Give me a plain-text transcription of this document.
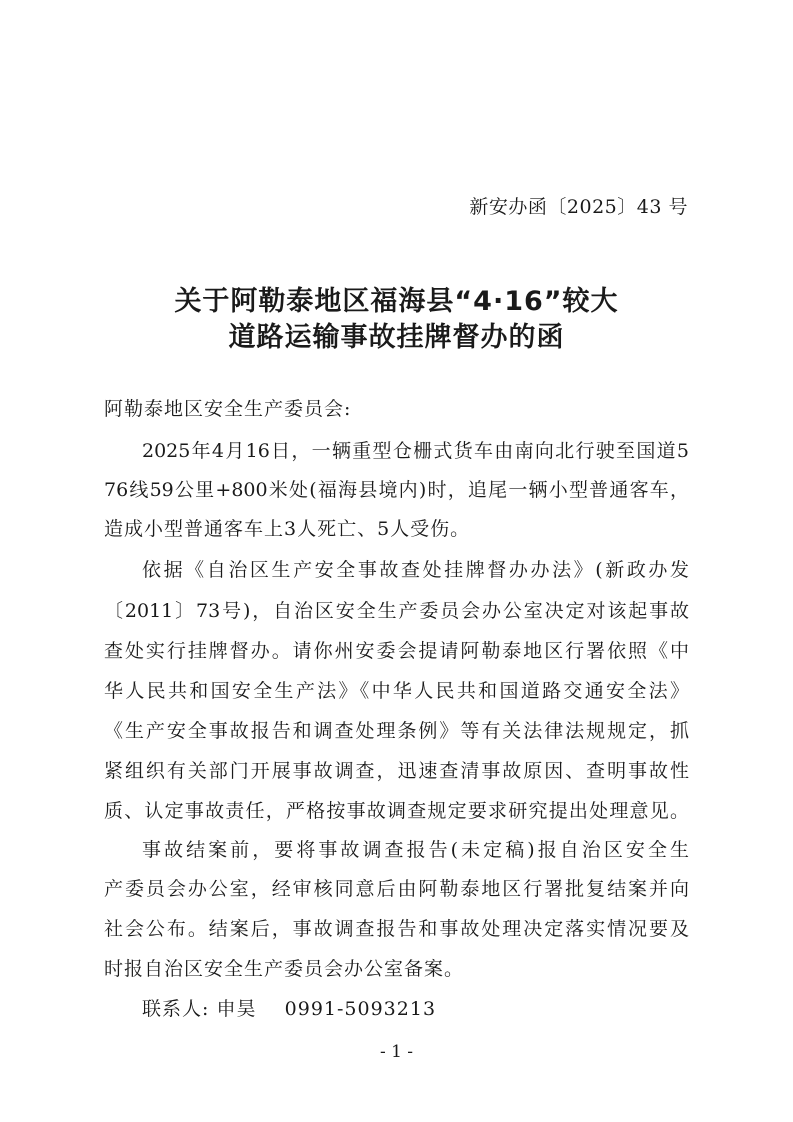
新安办函〔2025〕43 号
关于阿勒泰地区福海县“4·16”较大
道路运输事故挂牌督办的函
阿勒泰地区安全生产委员会:
2025年4月16日，一辆重型仓栅式货车由南向北行驶至国道5
76线59公里+800米处(福海县境内)时，追尾一辆小型普通客车，
造成小型普通客车上3人死亡、5人受伤。
依据《自治区生产安全事故查处挂牌督办办法》(新政办发
〔2011〕73号)，自治区安全生产委员会办公室决定对该起事故
查处实行挂牌督办。请你州安委会提请阿勒泰地区行署依照《中
华人民共和国安全生产法》《中华人民共和国道路交通安全法》
《生产安全事故报告和调查处理条例》等有关法律法规规定，抓
紧组织有关部门开展事故调查，迅速查清事故原因、查明事故性
质、认定事故责任，严格按事故调查规定要求研究提出处理意见。
事故结案前，要将事故调查报告(未定稿)报自治区安全生
产委员会办公室，经审核同意后由阿勒泰地区行署批复结案并向
社会公布。结案后，事故调查报告和事故处理决定落实情况要及
时报自治区安全生产委员会办公室备案。
联系人: 申昊 0991-5093213
- 1 -
